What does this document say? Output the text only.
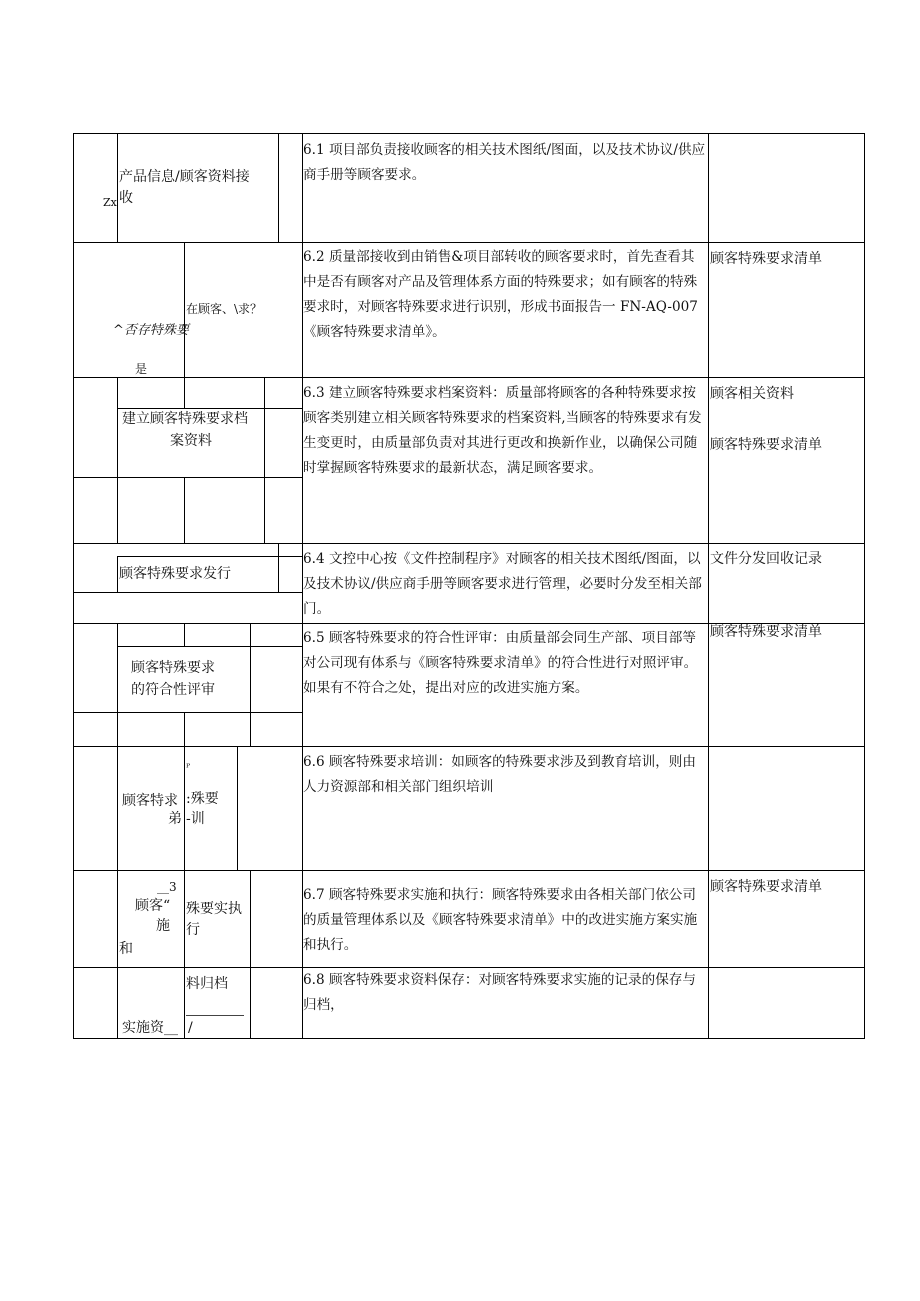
Zx
产品信息/顾客资料接
收
6.1 项目部负责接收顾客的相关技术图纸/图面，以及技术协议/供应商手册等顾客要求。
^否存特殊要
在顾客、\求？
是
6.2 质量部接收到由销售&项目部转收的顾客要求时，首先查看其中是否有顾客对产品及管理体系方面的特殊要求；如有顾客的特殊要求时，对顾客特殊要求进行识别，形成书面报告一 FN-AQ-007《顾客特殊要求清单》。
顾客特殊要求清单
建立顾客特殊要求档
案资料
6.3 建立顾客特殊要求档案资料：质量部将顾客的各种特殊要求按顾客类别建立相关顾客特殊要求的档案资料,当顾客的特殊要求有发生变更时，由质量部负责对其进行更改和换新作业，以确保公司随时掌握顾客特殊要求的最新状态，满足顾客要求。
顾客相关资料
顾客特殊要求清单
顾客特殊要求发行
6.4 文控中心按《文件控制程序》对顾客的相关技术图纸/图面，以及技术协议/供应商手册等顾客要求进行管理，必要时分发至相关部门。
文件分发回收记录
顾客特殊要求
的符合性评审
6.5 顾客特殊要求的符合性评审：由质量部会同生产部、项目部等对公司现有体系与《顾客特殊要求清单》的符合性进行对照评审。如果有不符合之处，提出对应的改进实施方案。
顾客特殊要求清单
顾客特求
弟
ᴾ
:殊要
-训
6.6 顾客特殊要求培训：如顾客的特殊要求涉及到教育培训，则由人力资源部和相关部门组织培训
__3
顾客“
施
和
殊要实执
行
6.7 顾客特殊要求实施和执行：顾客特殊要求由各相关部门依公司的质量管理体系以及《顾客特殊要求清单》中的改进实施方案实施和执行。
顾客特殊要求清单
料归档
实施资__ /
6.8 顾客特殊要求资料保存：对顾客特殊要求实施的记录的保存与归档，
